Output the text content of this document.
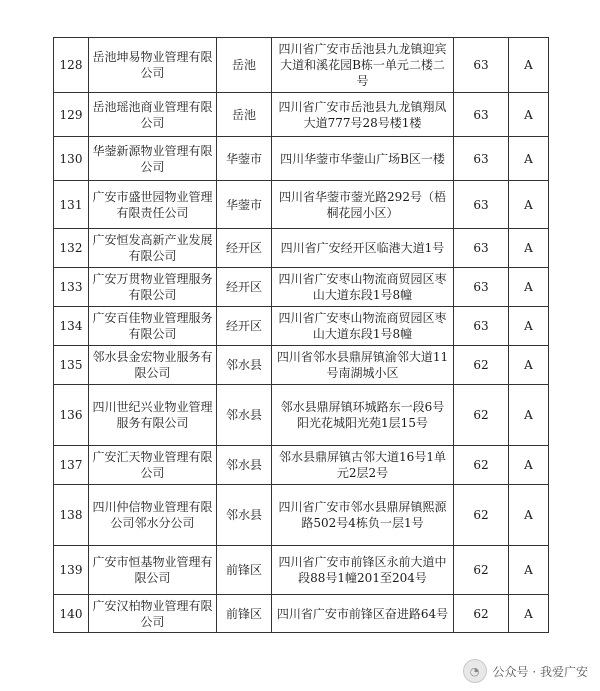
128	岳池坤易物业管理有限公司	岳池	四川省广安市岳池县九龙镇迎宾大道和溪花园B栋一单元二楼二号	63	A
129	岳池瑶池商业管理有限公司	岳池	四川省广安市岳池县九龙镇翔凤大道777号28号楼1楼	63	A
130	华蓥新源物业管理有限公司	华蓥市	四川华蓥市华蓥山广场B区一楼	63	A
131	广安市盛世园物业管理有限责任公司	华蓥市	四川省华蓥市蓥光路292号（梧桐花园小区）	63	A
132	广安恒发高新产业发展有限公司	经开区	四川省广安经开区临港大道1号	63	A
133	广安万贯物业管理服务有限公司	经开区	四川省广安枣山物流商贸园区枣山大道东段1号8幢	63	A
134	广安百佳物业管理服务有限公司	经开区	四川省广安枣山物流商贸园区枣山大道东段1号8幢	63	A
135	邻水县金宏物业服务有限公司	邻水县	四川省邻水县鼎屏镇渝邻大道11号南湖城小区	62	A
136	四川世纪兴业物业管理服务有限公司	邻水县	邻水县鼎屏镇环城路东一段6号阳光花城阳光苑1层15号	62	A
137	广安汇天物业管理有限公司	邻水县	邻水县鼎屏镇古邻大道16号1单元2层2号	62	A
138	四川仲信物业管理有限公司邻水分公司	邻水县	四川省广安市邻水县鼎屏镇熙源路502号4栋负一层1号	62	A
139	广安市恒基物业管理有限公司	前锋区	四川省广安市前锋区永前大道中段88号1幢201至204号	62	A
140	广安汉柏物业管理有限公司	前锋区	四川省广安市前锋区奋进路64号	62	A
◔	公众号 · 我爱广安
